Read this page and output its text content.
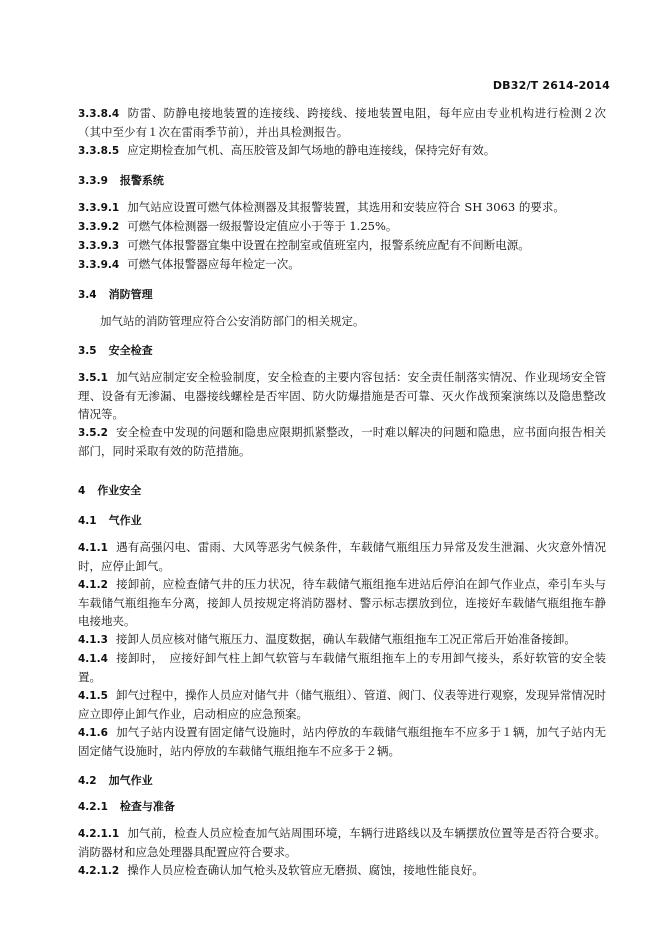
DB32/T 2614-2014

3.3.8.4 防雷、防静电接地装置的连接线、跨接线、接地装置电阻，每年应由专业机构进行检测２次（其中至少有１次在雷雨季节前），并出具检测报告。

3.3.8.5 应定期检查加气机、高压胶管及卸气场地的静电连接线，保持完好有效。

3.3.9 报警系统

3.3.9.1 加气站应设置可燃气体检测器及其报警装置，其选用和安装应符合 SH 3063 的要求。

3.3.9.2 可燃气体检测器一级报警设定值应小于等于 1.25%。

3.3.9.3 可燃气体报警器宜集中设置在控制室或值班室内，报警系统应配有不间断电源。

3.3.9.4 可燃气体报警器应每年检定一次。

3.4 消防管理

加气站的消防管理应符合公安消防部门的相关规定。

3.5 安全检查

3.5.1 加气站应制定安全检验制度，安全检查的主要内容包括：安全责任制落实情况、作业现场安全管理、设备有无渗漏、电器接线螺栓是否牢固、防火防爆措施是否可靠、灭火作战预案演练以及隐患整改情况等。

3.5.2 安全检查中发现的问题和隐患应限期抓紧整改，一时难以解决的问题和隐患，应书面向报告相关部门，同时采取有效的防范措施。

4 作业安全

4.1 气作业

4.1.1 遇有高强闪电、雷雨、大风等恶劣气候条件，车载储气瓶组压力异常及发生泄漏、火灾意外情况时，应停止卸气。

4.1.2 接卸前，应检查储气井的压力状况，待车载储气瓶组拖车进站后停泊在卸气作业点，牵引车头与车载储气瓶组拖车分离，接卸人员按规定将消防器材、警示标志摆放到位，连接好车载储气瓶组拖车静电接地夹。

4.1.3 接卸人员应核对储气瓶压力、温度数据，确认车载储气瓶组拖车工况正常后开始准备接卸。

4.1.4 接卸时，　应接好卸气柱上卸气软管与车载储气瓶组拖车上的专用卸气接头，系好软管的安全装置。

4.1.5 卸气过程中，操作人员应对储气井（储气瓶组）、管道、阀门、仪表等进行观察，发现异常情况时应立即停止卸气作业，启动相应的应急预案。

4.1.6 加气子站内设置有固定储气设施时，站内停放的车载储气瓶组拖车不应多于１辆，加气子站内无固定储气设施时，站内停放的车载储气瓶组拖车不应多于２辆。

4.2 加气作业

4.2.1 检查与准备

4.2.1.1 加气前，检查人员应检查加气站周围环境，车辆行进路线以及车辆摆放位置等是否符合要求。消防器材和应急处理器具配置应符合要求。

4.2.1.2 操作人员应检查确认加气枪头及软管应无磨损、腐蚀，接地性能良好。
